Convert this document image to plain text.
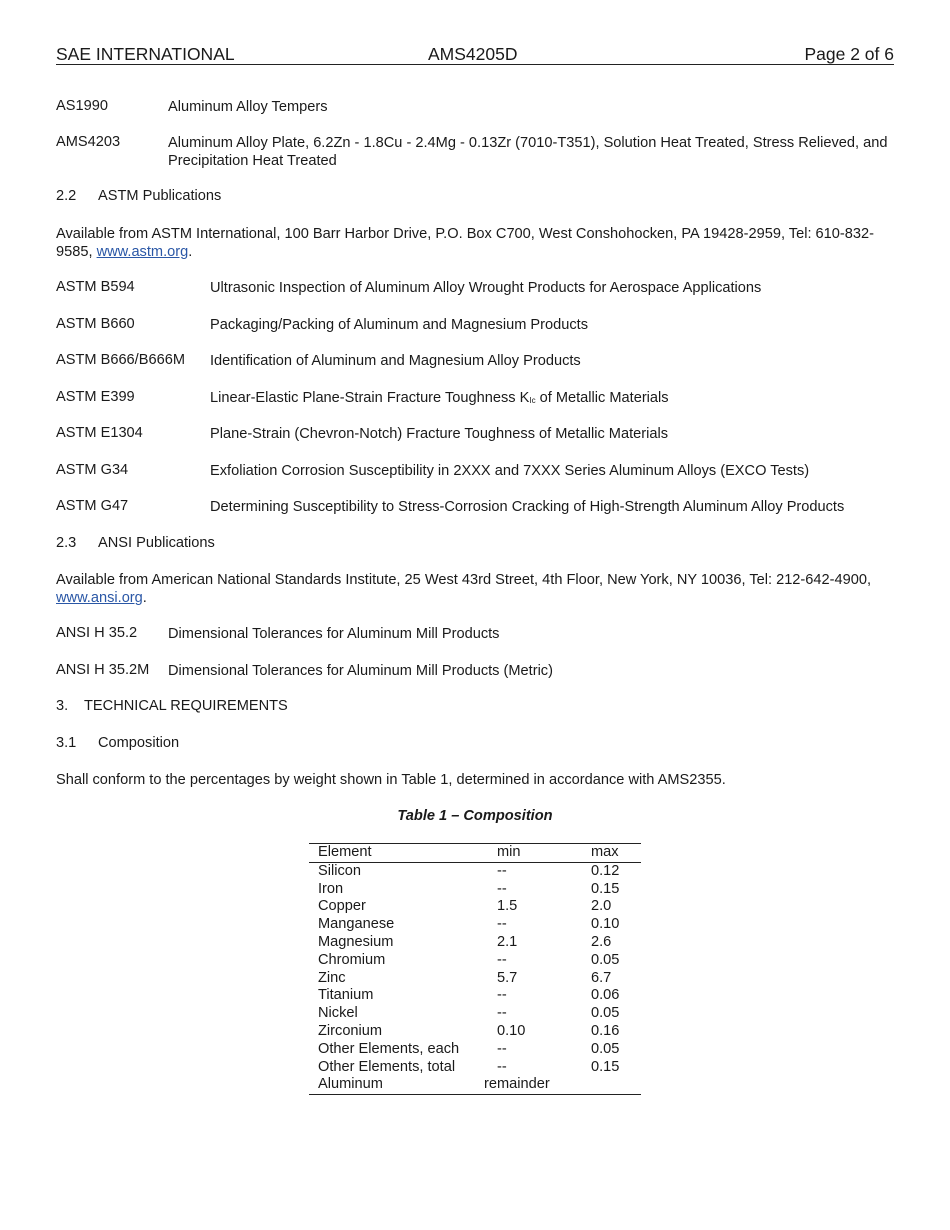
SAE INTERNATIONAL	AMS4205D	Page 2 of 6
AS1990	Aluminum Alloy Tempers
AMS4203	Aluminum Alloy Plate, 6.2Zn - 1.8Cu - 2.4Mg - 0.13Zr (7010-T351), Solution Heat Treated, Stress Relieved, and Precipitation Heat Treated
2.2 ASTM Publications
Available from ASTM International, 100 Barr Harbor Drive, P.O. Box C700, West Conshohocken, PA 19428-2959, Tel: 610-832-9585, www.astm.org.
ASTM B594	Ultrasonic Inspection of Aluminum Alloy Wrought Products for Aerospace Applications
ASTM B660	Packaging/Packing of Aluminum and Magnesium Products
ASTM B666/B666M Identification of Aluminum and Magnesium Alloy Products
ASTM E399	Linear-Elastic Plane-Strain Fracture Toughness $K_{Ic}$ of Metallic Materials
ASTM E1304	Plane-Strain (Chevron-Notch) Fracture Toughness of Metallic Materials
ASTM G34	Exfoliation Corrosion Susceptibility in 2XXX and 7XXX Series Aluminum Alloys (EXCO Tests)
ASTM G47	Determining Susceptibility to Stress-Corrosion Cracking of High-Strength Aluminum Alloy Products
2.3 ANSI Publications
Available from American National Standards Institute, 25 West 43rd Street, 4th Floor, New York, NY 10036, Tel: 212-642-4900, www.ansi.org.
ANSI H 35.2 Dimensional Tolerances for Aluminum Mill Products
ANSI H 35.2M Dimensional Tolerances for Aluminum Mill Products (Metric)
3. TECHNICAL REQUIREMENTS
3.1 Composition
Shall conform to the percentages by weight shown in Table 1, determined in accordance with AMS2355.
Table 1 – Composition
Element	min	max
Silicon	--	0.12
Iron	--	0.15
Copper	1.5	2.0
Manganese	--	0.10
Magnesium	2.1	2.6
Chromium	--	0.05
Zinc	5.7	6.7
Titanium	--	0.06
Nickel	--	0.05
Zirconium	0.10	0.16
Other Elements, each	--	0.05
Other Elements, total	--	0.15
Aluminum	remainder	
